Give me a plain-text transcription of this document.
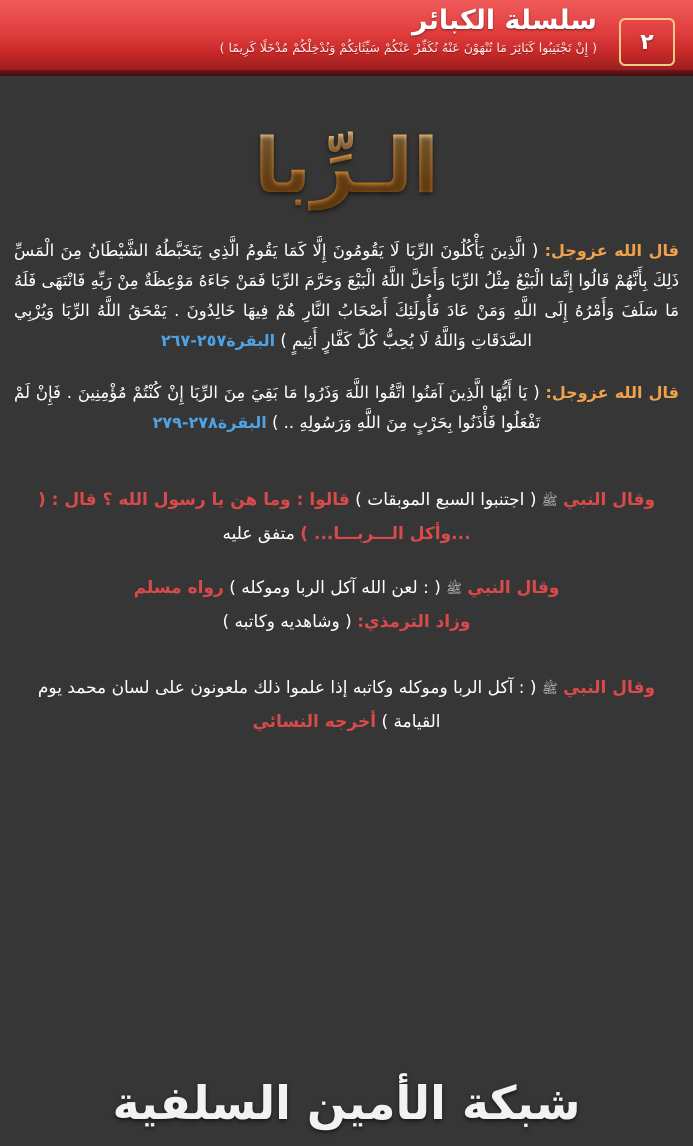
سلسلة الكبائر
( إِنْ تَجْتَنِبُوا كَبَائِرَ مَا تُنْهَوْنَ عَنْهُ نُكَفِّرْ عَنْكُمْ سَيِّئَاتِكُمْ وَنُدْخِلْكُمْ مُدْخَلًا كَرِيمًا )	٢
الـرِّبا
قال الله عزوجل: ( الَّذِينَ يَأْكُلُونَ الرِّبَا لَا يَقُومُونَ إِلَّا كَمَا يَقُومُ الَّذِي يَتَخَبَّطُهُ الشَّيْطَانُ مِنَ الْمَسِّ ذَلِكَ بِأَنَّهُمْ قَالُوا إِنَّمَا الْبَيْعُ مِثْلُ الرِّبَا وَأَحَلَّ اللَّهُ الْبَيْعَ وَحَرَّمَ الرِّبَا فَمَنْ جَاءَهُ مَوْعِظَةٌ مِنْ رَبِّهِ فَانْتَهَى فَلَهُ مَا سَلَفَ وَأَمْرُهُ إِلَى اللَّهِ وَمَنْ عَادَ فَأُولَئِكَ أَصْحَابُ النَّارِ هُمْ فِيهَا خَالِدُونَ . يَمْحَقُ اللَّهُ الرِّبَا وَيُرْبِي الصَّدَقَاتِ وَاللَّهُ لَا يُحِبُّ كُلَّ كَفَّارٍ أَثِيمٍ ) البقرة٢٥٧-٢٦٧
قال الله عزوجل: ( يَا أَيُّهَا الَّذِينَ آمَنُوا اتَّقُوا اللَّهَ وَذَرُوا مَا بَقِيَ مِنَ الرِّبَا إِنْ كُنْتُمْ مُؤْمِنِينَ . فَإِنْ لَمْ تَفْعَلُوا فَأْذَنُوا بِحَرْبٍ مِنَ اللَّهِ وَرَسُولِهِ .. ) البقرة٢٧٨-٢٧٩
وقال النبي ﷺ ( اجتنبوا السبع الموبقات ) قالوا : وما هن يا رسول الله ؟ قال : ( ...وأكل الـــربـــا... ) متفق عليه
وقال النبي ﷺ ( : لعن الله آكل الربا وموكله ) رواه مسلم
وزاد الترمذي: ( وشاهديه وكاتبه )
وقال النبي ﷺ ( : آكل الربا وموكله وكاتبه إذا علموا ذلك ملعونون على لسان محمد يوم القيامة ) أخرجه النسائي
شبكة الأمين السلفية
